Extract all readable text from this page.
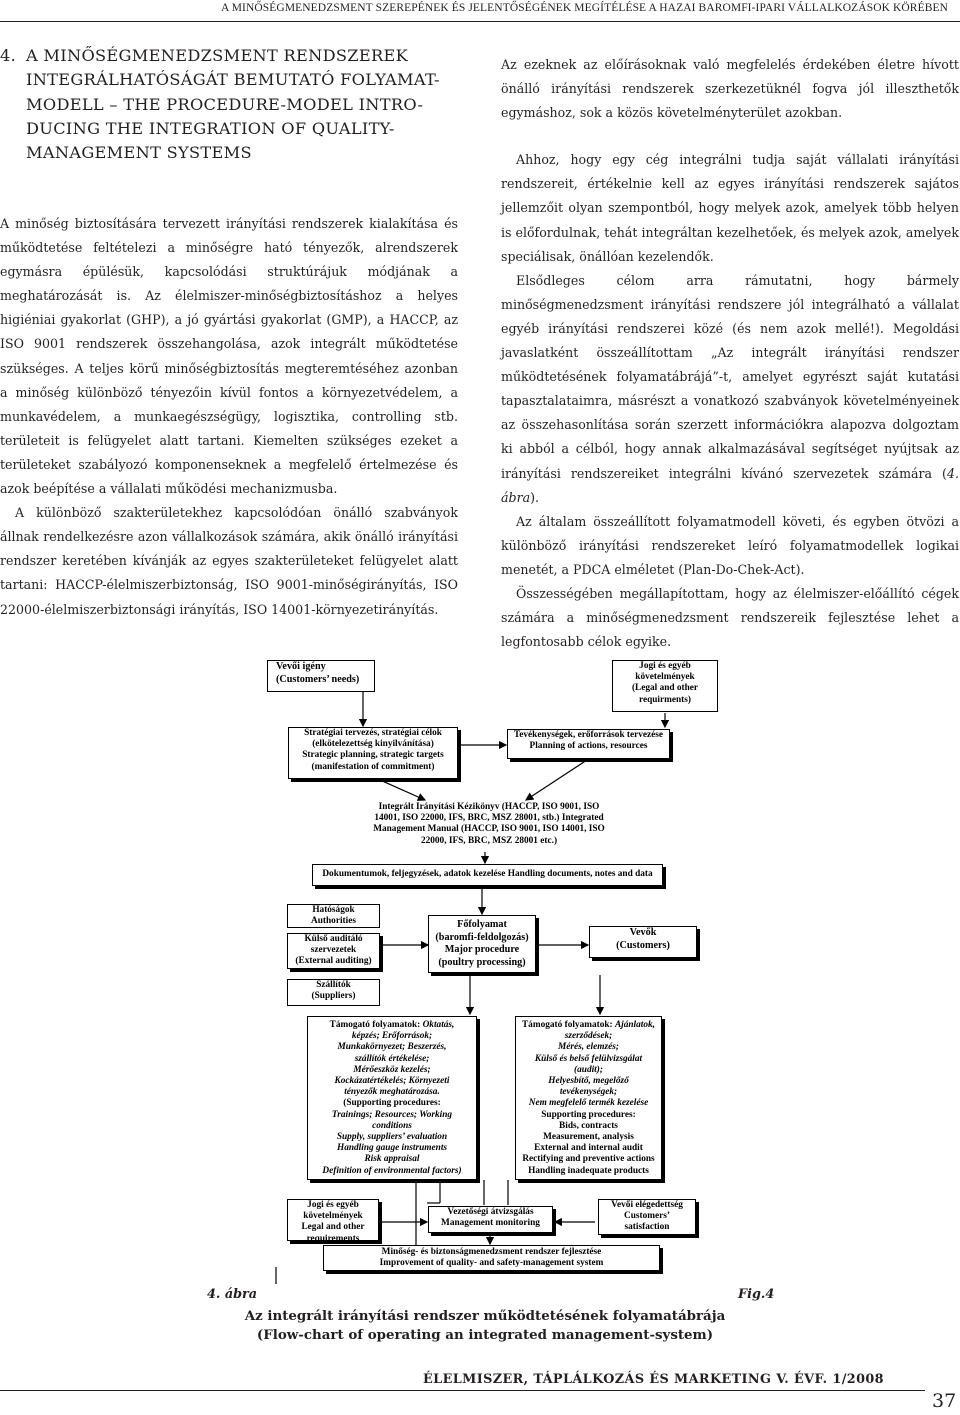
A MINŐSÉGMENEDZSMENT SZEREPÉNEK ÉS JELENTŐSÉGÉNEK MEGÍTÉLÉSE A HAZAI BAROMFI-IPARI VÁLLALKOZÁSOK KÖRÉBEN
4. A MINŐSÉGMENEDZSMENT RENDSZEREK
INTEGRÁLHATÓSÁGÁT BEMUTATÓ FOLYAMAT-
MODELL – THE PROCEDURE-MODEL INTRO-
DUCING THE INTEGRATION OF QUALITY-
MANAGEMENT SYSTEMS

A minőség biztosítására tervezett irányítási rendszerek kialakítása és működtetése feltételezi a minőségre ható tényezők, alrendszerek egymásra épülésük, kapcsolódási struktúrájuk módjának a meghatározását is. Az élelmiszer-minőségbiztosításhoz a helyes higiéniai gyakorlat (GHP), a jó gyártási gyakorlat (GMP), a HACCP, az ISO 9001 rendszerek összehangolása, azok integrált működtetése szükséges. A teljes körű minőségbiztosítás megteremtéséhez azonban a minőség különböző tényezőin kívül fontos a környezetvédelem, a munkavédelem, a munkaegészségügy, logisztika, controlling stb. területeit is felügyelet alatt tartani. Kiemelten szükséges ezeket a területeket szabályozó komponenseknek a megfelelő értelmezése és azok beépítése a vállalati működési mechanizmusba.

A különböző szakterületekhez kapcsolódóan önálló szabványok állnak rendelkezésre azon vállalkozások számára, akik önálló irányítási rendszer keretében kívánják az egyes szakterületeket felügyelet alatt tartani: HACCP-élelmiszerbiztonság, ISO 9001-minőségirányítás, ISO 22000-élelmiszerbiztonsági irányítás, ISO 14001-környezetirányítás.

Az ezeknek az előírásoknak való megfelelés érdekében életre hívott önálló irányítási rendszerek szerkezetüknél fogva jól illeszthetők egymáshoz, sok a közös követelményterület azokban.

Ahhoz, hogy egy cég integrálni tudja saját vállalati irányítási rendszereit, értékelnie kell az egyes irányítási rendszerek sajátos jellemzőit olyan szempontból, hogy melyek azok, amelyek több helyen is előfordulnak, tehát integráltan kezelhetőek, és melyek azok, amelyek speciálisak, önállóan kezelendők.

Elsődleges célom arra rámutatni, hogy bármely minőségmenedzsment irányítási rendszere jól integrálható a vállalat egyéb irányítási rendszerei közé (és nem azok mellé!). Megoldási javaslatként összeállítottam „Az integrált irányítási rendszer működtetésének folyamatábrájá”-t, amelyet egyrészt saját kutatási tapasztalataimra, másrészt a vonatkozó szabványok követelményeinek az összehasonlítása során szerzett információkra alapozva dolgoztam ki abból a célból, hogy annak alkalmazásával segítséget nyújtsak az irányítási rendszereiket integrálni kívánó szervezetek számára (4. ábra).

Az általam összeállított folyamatmodell követi, és egyben ötvözi a különböző irányítási rendszereket leíró folyamatmodellek logikai menetét, a PDCA elméletet (Plan-Do-Chek-Act).

Összességében megállapítottam, hogy az élelmiszer-előállító cégek számára a minőségmenedzsment rendszereik fejlesztése lehet a legfontosabb célok egyike.

Vevői igény
(Customers’ needs)
Jogi és egyéb
követelmények
(Legal and other
requirments)
Stratégiai tervezés, stratégiai célok
(elkötelezettség kinyilvánítása)
Strategic planning, strategic targets
(manifestation of commitment)
Tevékenységek, erőforrások tervezése
Planning of actions, resources
Integrált Irányítási Kézikönyv (HACCP, ISO 9001, ISO
14001, ISO 22000, IFS, BRC, MSZ 28001, stb.) Integrated
Management Manual (HACCP, ISO 9001, ISO 14001, ISO
22000, IFS, BRC, MSZ 28001 etc.)
Dokumentumok, feljegyzések, adatok kezelése Handling documents, notes and data
Hatóságok
Authorities
Külső auditáló
szervezetek
(External auditing)
Szállítók
(Suppliers)
Főfolyamat
(baromfi-feldolgozás)
Major procedure
(poultry processing)
Vevők
(Customers)
Támogató folyamatok: Oktatás,
képzés; Erőforrások;
Munkakörnyezet; Beszerzés,
szállítók értékelése;
Mérőeszköz kezelés;
Kockázatértékelés; Környezeti
tényezők meghatározása.
(Supporting procedures:
Trainings; Resources; Working
conditions
Supply, suppliers’ evaluation
Handling gauge instruments
Risk appraisal
Definition of environmental factors)
Támogató folyamatok: Ajánlatok,
szerződések;
Mérés, elemzés;
Külső és belső felülvizsgálat
(audit);
Helyesbítő, megelőző
tevékenységek;
Nem megfelelő termék kezelése
Supporting procedures:
Bids, contracts
Measurement, analysis
External and internal audit
Rectifying and preventive actions
Handling inadequate products
Jogi és egyéb
követelmények
Legal and other
requirements
Vezetőségi átvizsgálás
Management monitoring
Vevői elégedettség
Customers’
satisfaction
Minőség- és biztonságmenedzsment rendszer fejlesztése
Improvement of quality- and safety-management system
4. ábra	Fig.4
Az integrált irányítási rendszer működtetésének folyamatábrája
(Flow-chart of operating an integrated management-system)
ÉLELMISZER, TÁPLÁLKOZÁS ÉS MARKETING V. ÉVF. 1/2008
37
